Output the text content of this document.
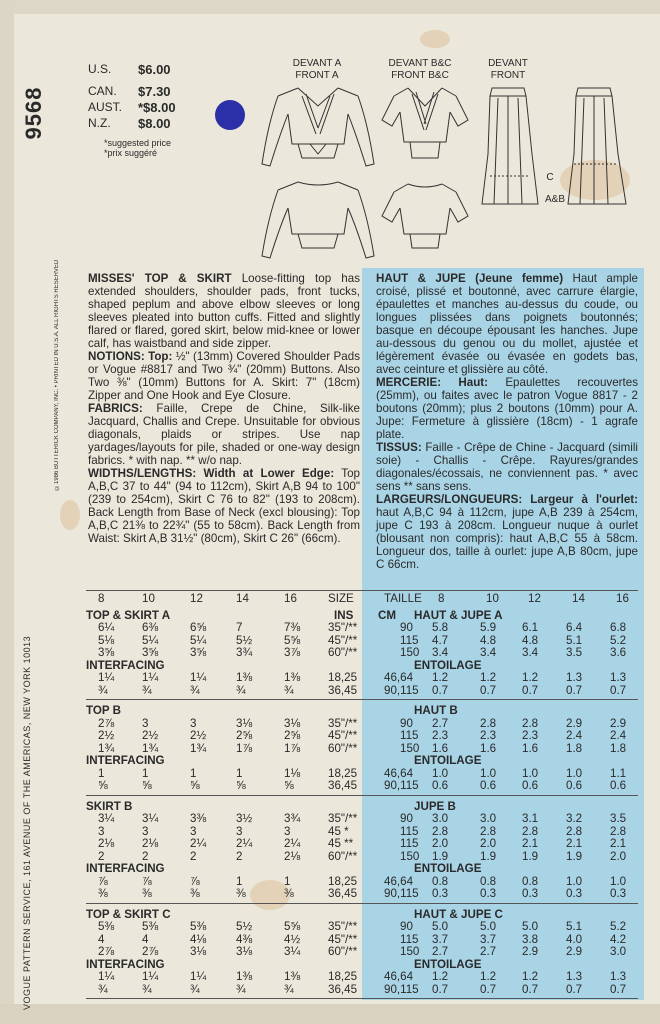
9568
VOGUE PATTERN SERVICE, 161 AVENUE OF THE AMERICAS, NEW YORK 10013
©1986 BUTTERICK COMPANY, INC. • PRINTED IN U.S.A. ALL RIGHTS RESERVED
U.S.	$6.00
CAN.	$7.30
AUST.	*$8.00
N.Z.	$8.00
*suggested price
*prix suggéré
DEVANT A
FRONT A
DEVANT B&C
FRONT B&C
DEVANT
FRONT
C
A&B
MISSES' TOP & SKIRT Loose-fitting top has extended shoulders, shoulder pads, front tucks, shaped peplum and above elbow sleeves or long sleeves pleated into button cuffs. Fitted and slightly flared or flared, gored skirt, below mid-knee or lower calf, has waistband and side zipper.
NOTIONS: Top: ½" (13mm) Covered Shoulder Pads or Vogue #8817 and Two ¾" (20mm) Buttons. Also Two ⅜" (10mm) Buttons for A. Skirt: 7" (18cm) Zipper and One Hook and Eye Closure.
FABRICS: Faille, Crepe de Chine, Silk-like Jacquard, Challis and Crepe. Unsuitable for obvious diagonals, plaids or stripes. Use nap yardages/layouts for pile, shaded or one-way design fabrics. * with nap. ** w/o nap.
WIDTHS/LENGTHS: Width at Lower Edge: Top A,B,C 37 to 44" (94 to 112cm), Skirt A,B 94 to 100" (239 to 254cm), Skirt C 76 to 82" (193 to 208cm). Back Length from Base of Neck (excl blousing): Top A,B,C 21⅜ to 22¾" (55 to 58cm). Back Length from Waist: Skirt A,B 31½" (80cm), Skirt C 26" (66cm).
HAUT & JUPE (Jeune femme) Haut ample croisé, plissé et boutonné, avec carrure élargie, épaulettes et manches au-dessus du coude, ou longues plissées dans poignets boutonnés; basque en découpe épousant les hanches. Jupe au-dessous du genou ou du mollet, ajustée et légèrement évasée ou évasée en godets bas, avec ceinture et glissière au côté.
MERCERIE: Haut: Epaulettes recouvertes (25mm), ou faites avec le patron Vogue 8817 - 2 boutons (20mm); plus 2 boutons (10mm) pour A. Jupe: Fermeture à glissière (18cm) - 1 agrafe plate.
TISSUS: Faille - Crêpe de Chine - Jacquard (simili soie) - Challis - Crêpe. Rayures/grandes diagonales/écossais, ne conviennent pas. * avec sens ** sans sens.
LARGEURS/LONGUEURS: Largeur à l'ourlet: haut A,B,C 94 à 112cm, jupe A,B 239 à 254cm, jupe C 193 à 208cm. Longueur nuque à ourlet (blousant non compris): haut A,B,C 55 à 58cm. Longueur dos, taille à ourlet: jupe A,B 80cm, jupe C 66cm.
8	10	12	14	16	SIZE	TAILLE 8	10	12	14	16
TOP & SKIRT A	HAUT & JUPE A
INS CM
6¼ 6⅜	6⅝	7	7⅜ 35"/**	90 5.8	5.9 6.1 6.4 6.8
5⅛ 5¼	5¼	5½	5⅝ 45"/**	115 4.7	4.8 4.8 5.1 5.2
3⅝ 3⅝	3⅝	3¾	3⅞ 60"/**	150 3.4	3.4 3.4 3.5 3.6
INTERFACING	ENTOILAGE
1¼ 1¼	1¼	1⅜	1⅜ 18,25 46,64 1.2	1.2 1.2 1.3 1.3
¾	¾	¾	¾	¾	36,45 90,115 0.7	0.7 0.7 0.7 0.7
TOP B	HAUT B
2⅞ 3	3	3⅛	3⅛ 35"/**	90 2.7	2.8 2.8 2.9 2.9
2½ 2½	2½	2⅝	2⅝ 45"/**	115 2.3	2.3 2.3 2.4 2.4
1¾ 1¾	1¾	1⅞	1⅞ 60"/**	150 1.6	1.6 1.6 1.8 1.8
INTERFACING	ENTOILAGE
1	1	1	1	1⅛ 18,25 46,64 1.0	1.0 1.0 1.0 1.1
⅝	⅝	⅝	⅝	⅝	36,45 90,115 0.6	0.6 0.6 0.6 0.6
SKIRT B	JUPE B
3¼ 3¼	3⅜	3½	3¾ 35"/**	90 3.0	3.0 3.1 3.2 3.5
3	3	3	3	3	45 *	115 2.8	2.8 2.8 2.8 2.8
2⅛ 2⅛	2¼	2¼	2¼ 45 **	115 2.0	2.0 2.1 2.1 2.1
2	2	2	2	2⅛ 60"/**	150 1.9	1.9 1.9 1.9 2.0
INTERFACING	ENTOILAGE
⅞	⅞	⅞	1	1	18,25 46,64 0.8	0.8 0.8 1.0 1.0
⅜	⅜	⅜	⅜	⅜	36,45 90,115 0.3	0.3 0.3 0.3 0.3
TOP & SKIRT C	HAUT & JUPE C
5⅜ 5⅜	5⅜	5½	5⅝ 35"/**	90 5.0	5.0 5.0 5.1 5.2
4	4	4⅛	4⅜	4½ 45"/**	115 3.7	3.7 3.8 4.0 4.2
2⅞ 2⅞	3⅛	3⅛	3¼ 60"/**	150 2.7	2.7 2.9 2.9 3.0
INTERFACING	ENTOILAGE
1¼ 1¼	1¼	1⅜	1⅜ 18,25 46,64 1.2	1.2 1.2 1.3 1.3
¾	¾	¾	¾	¾	36,45 90,115 0.7	0.7 0.7 0.7 0.7
